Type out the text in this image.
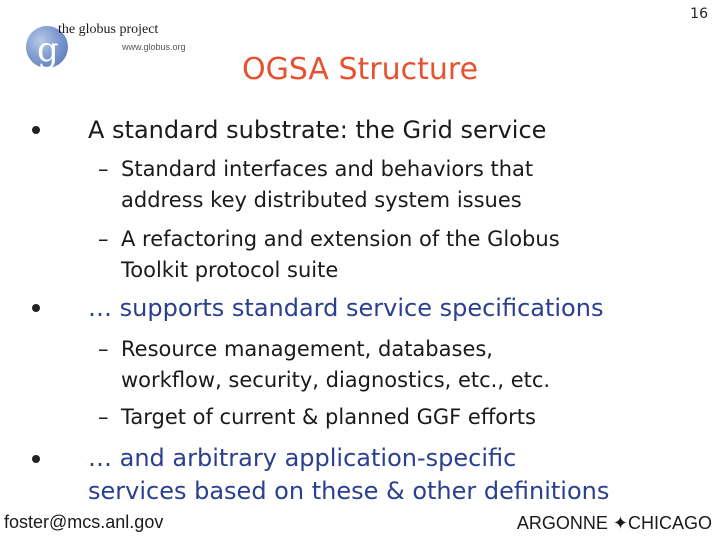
g
the globus project
www.globus.org
16
OGSA Structure
A standard substrate: the Grid service
– Standard interfaces and behaviors that
address key distributed system issues
– A refactoring and extension of the Globus
Toolkit protocol suite
… supports standard service specifications
– Resource management, databases,
workflow, security, diagnostics, etc., etc.
– Target of current & planned GGF efforts
… and arbitrary application-specific
services based on these & other definitions
foster@mcs.anl.gov	ARGONNE ✦CHICAGO
